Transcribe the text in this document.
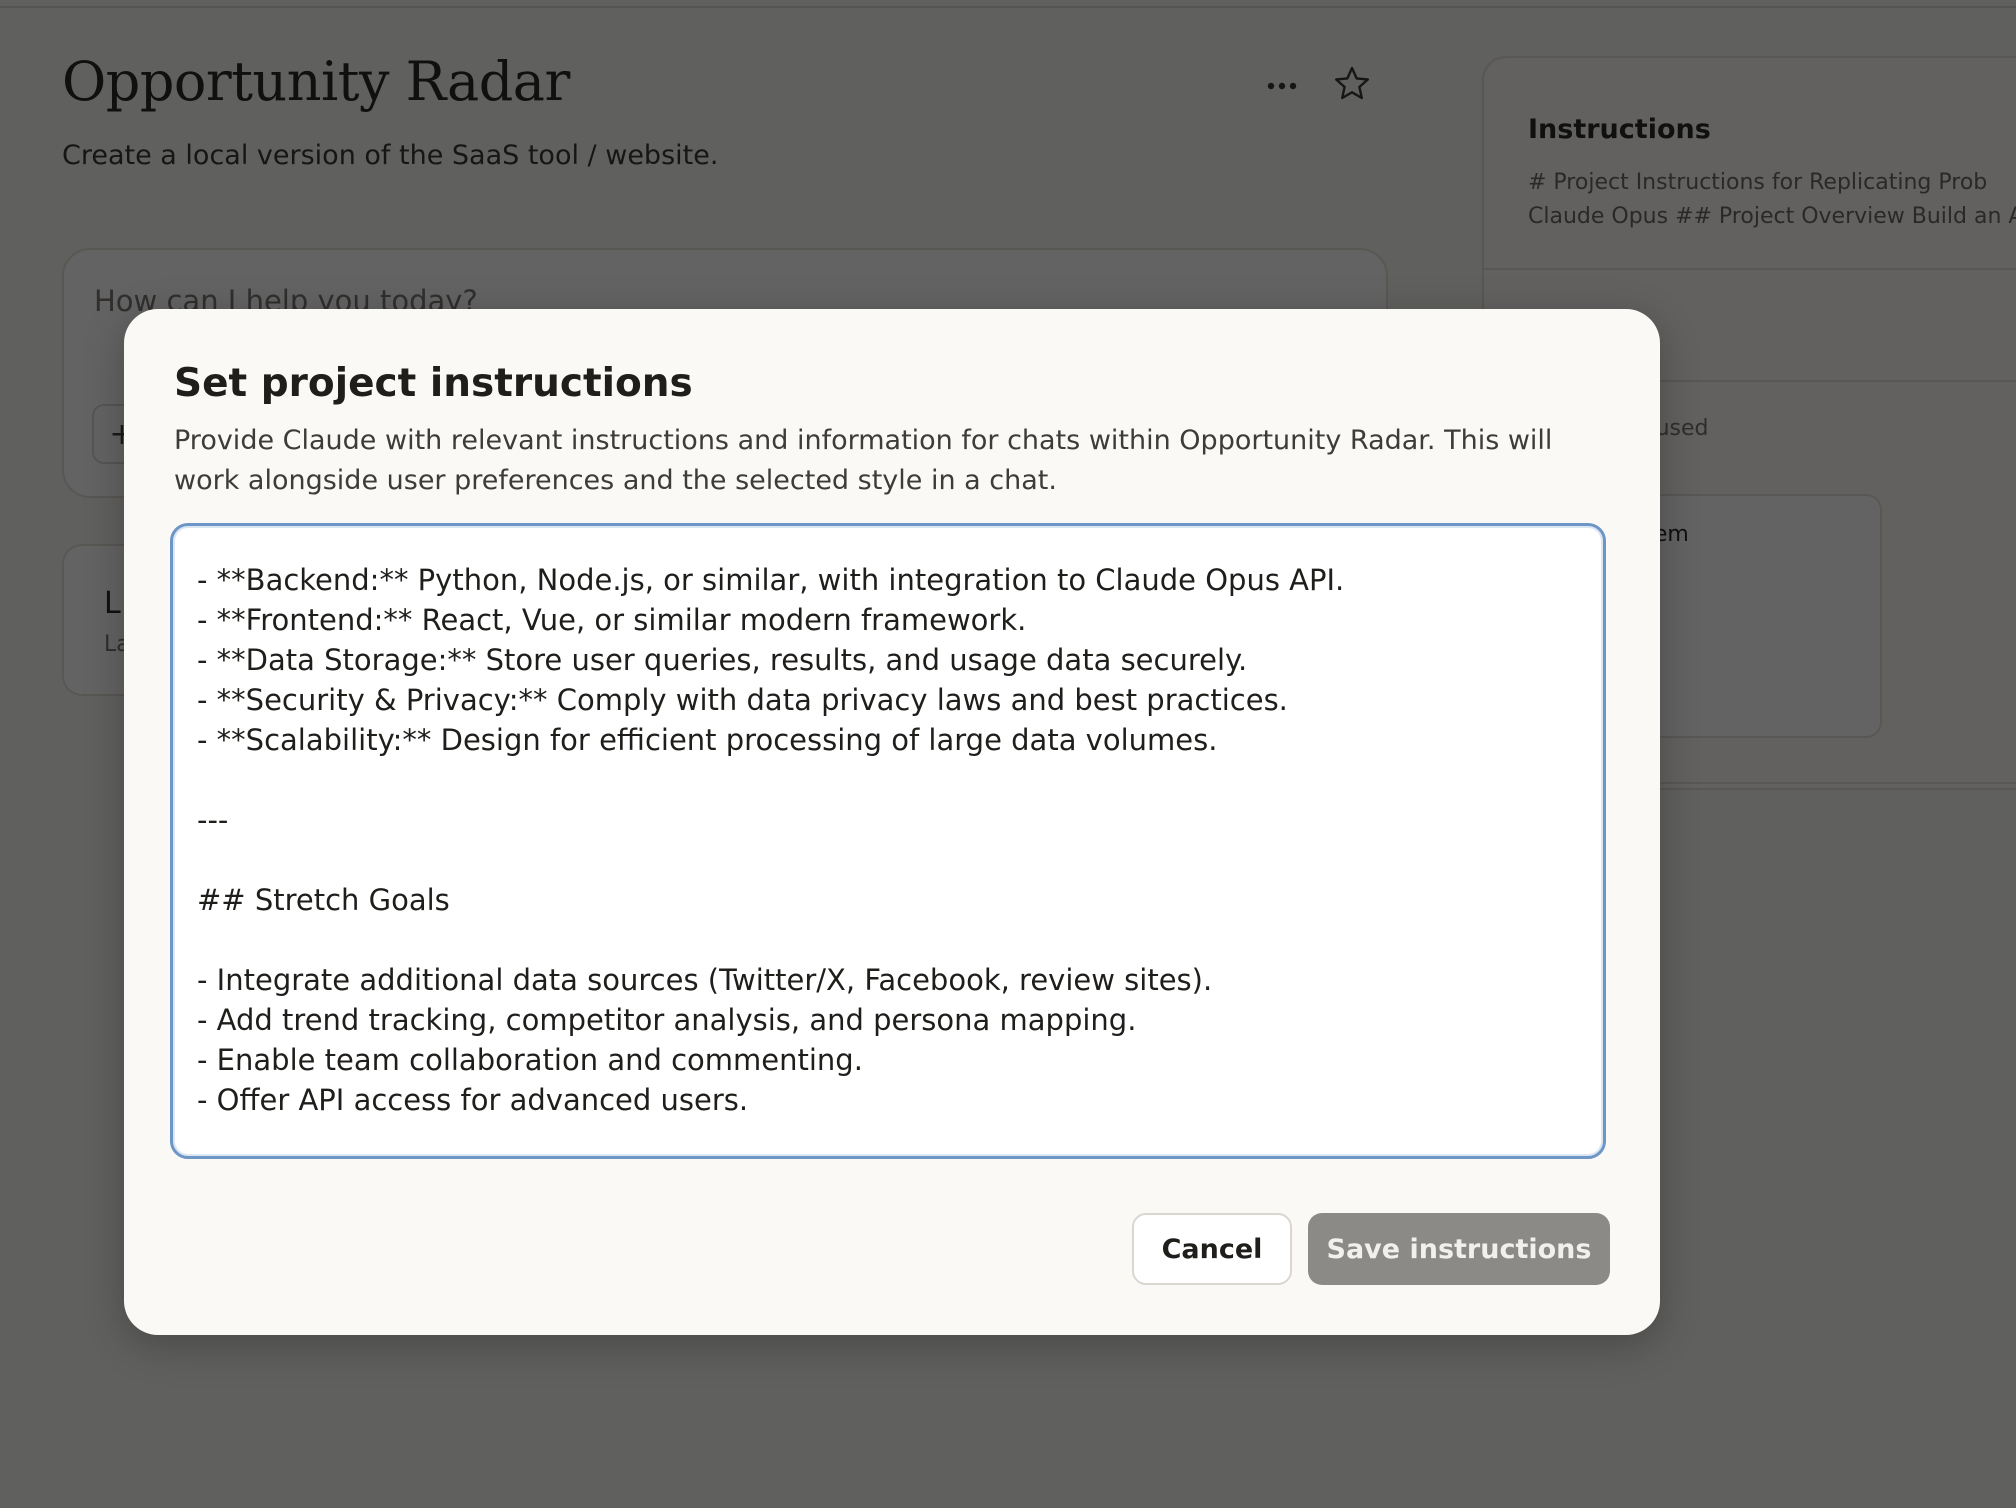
Set project instructions
Provide Claude with relevant instructions and information for chats within Opportunity Radar. This will work alongside user preferences and the selected style in a chat.
- **Backend:** Python, Node.js, or similar, with integration to Claude Opus API. - **Frontend:** React, Vue, or similar modern framework. - **Data Storage:** Store user queries, results, and usage data securely. - **Security & Privacy:** Comply with data privacy laws and best practices. - **Scalability:** Design for efficient processing of large data volumes. --- ## Stretch Goals - Integrate additional data sources (Twitter/X, Facebook, review sites). - Add trend tracking, competitor analysis, and persona mapping. - Enable team collaboration and commenting. - Offer API access for advanced users.
Cancel	Save instructions
